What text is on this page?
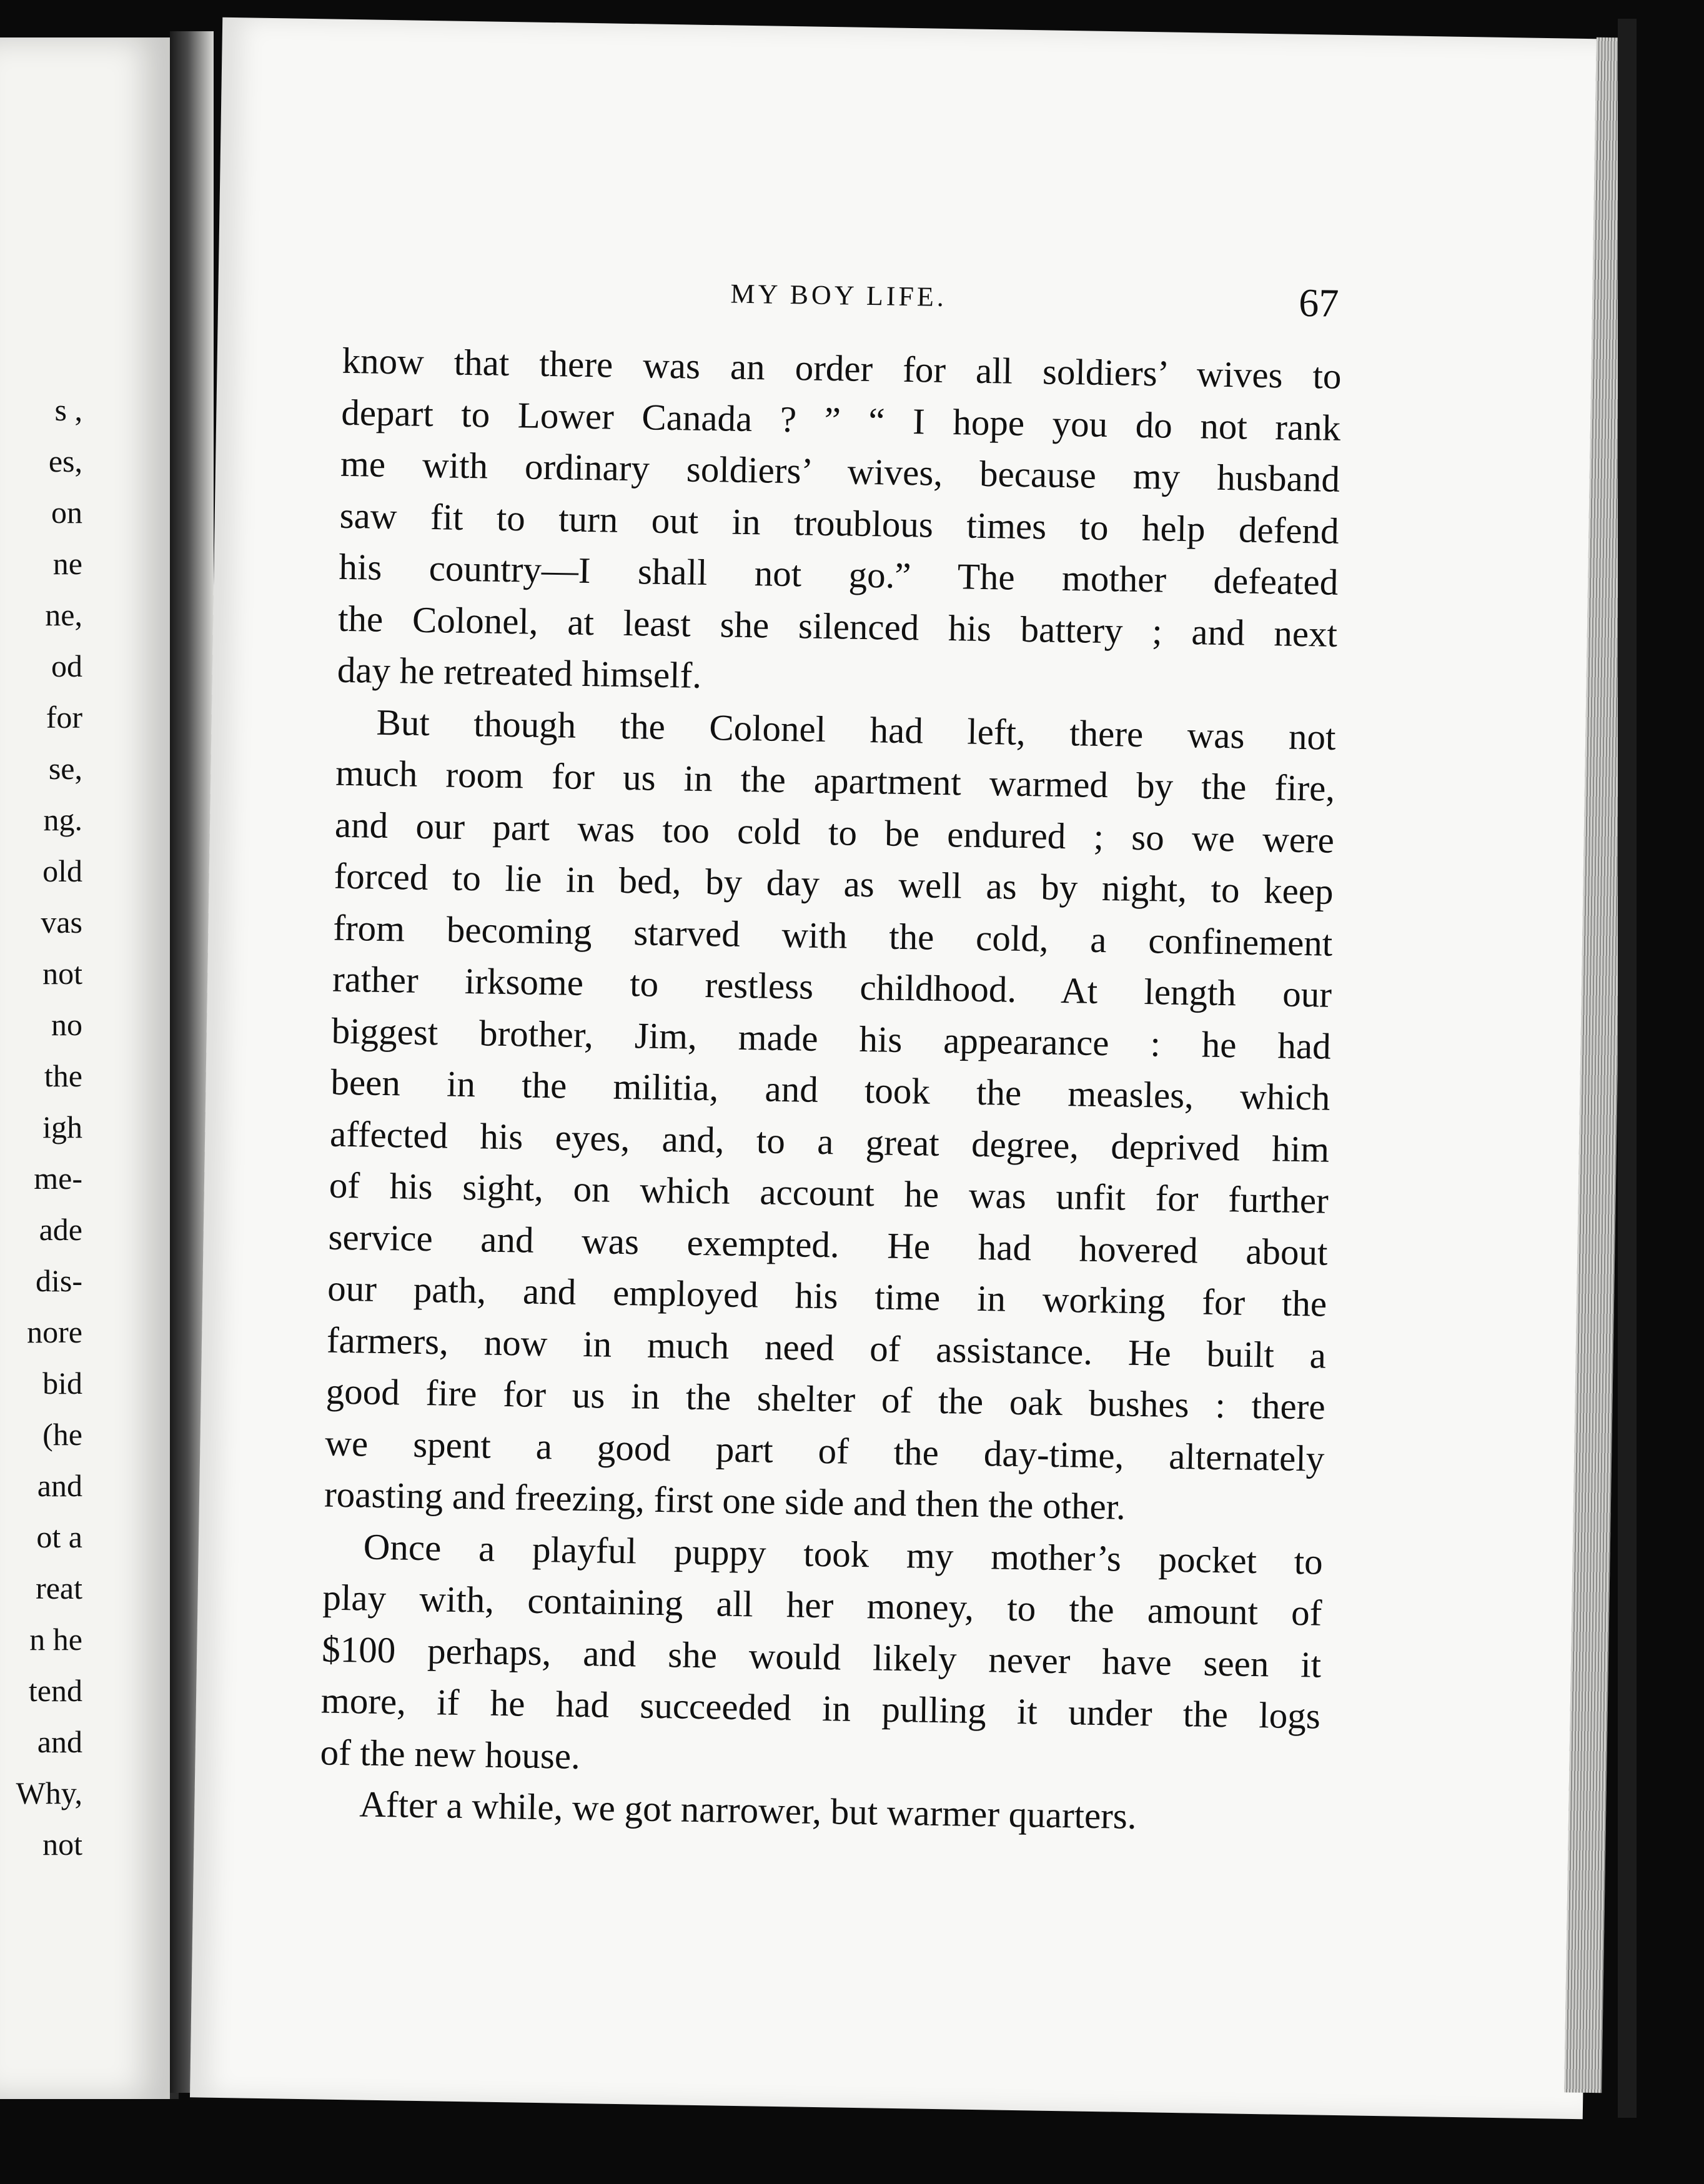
s ,
es,
on
ne
ne,
od
for
se,
ng.
old
vas
not
no
the
igh
me-
ade
dis-
nore
bid
(he
and
ot a
reat
n he
tend
and
Why,
not
MY BOY LIFE.	67
know that there was an order for all soldiers’ wives to
depart to Lower Canada ? ” “ I hope you do not rank
me with ordinary soldiers’ wives, because my husband
saw fit to turn out in troublous times to help defend
his country—I shall not go.” The mother defeated
the Colonel, at least she silenced his battery ; and next
day he retreated himself.
But though the Colonel had left, there was not
much room for us in the apartment warmed by the fire,
and our part was too cold to be endured ; so we were
forced to lie in bed, by day as well as by night, to keep
from becoming starved with the cold, a confinement
rather irksome to restless childhood. At length our
biggest brother, Jim, made his appearance : he had
been in the militia, and took the measles, which
affected his eyes, and, to a great degree, deprived him
of his sight, on which account he was unfit for further
service and was exempted. He had hovered about
our path, and employed his time in working for the
farmers, now in much need of assistance. He built a
good fire for us in the shelter of the oak bushes : there
we spent a good part of the day-time, alternately
roasting and freezing, first one side and then the other.
Once a playful puppy took my mother’s pocket to
play with, containing all her money, to the amount of
$100 perhaps, and she would likely never have seen it
more, if he had succeeded in pulling it under the logs
of the new house.
After a while, we got narrower, but warmer quarters.
